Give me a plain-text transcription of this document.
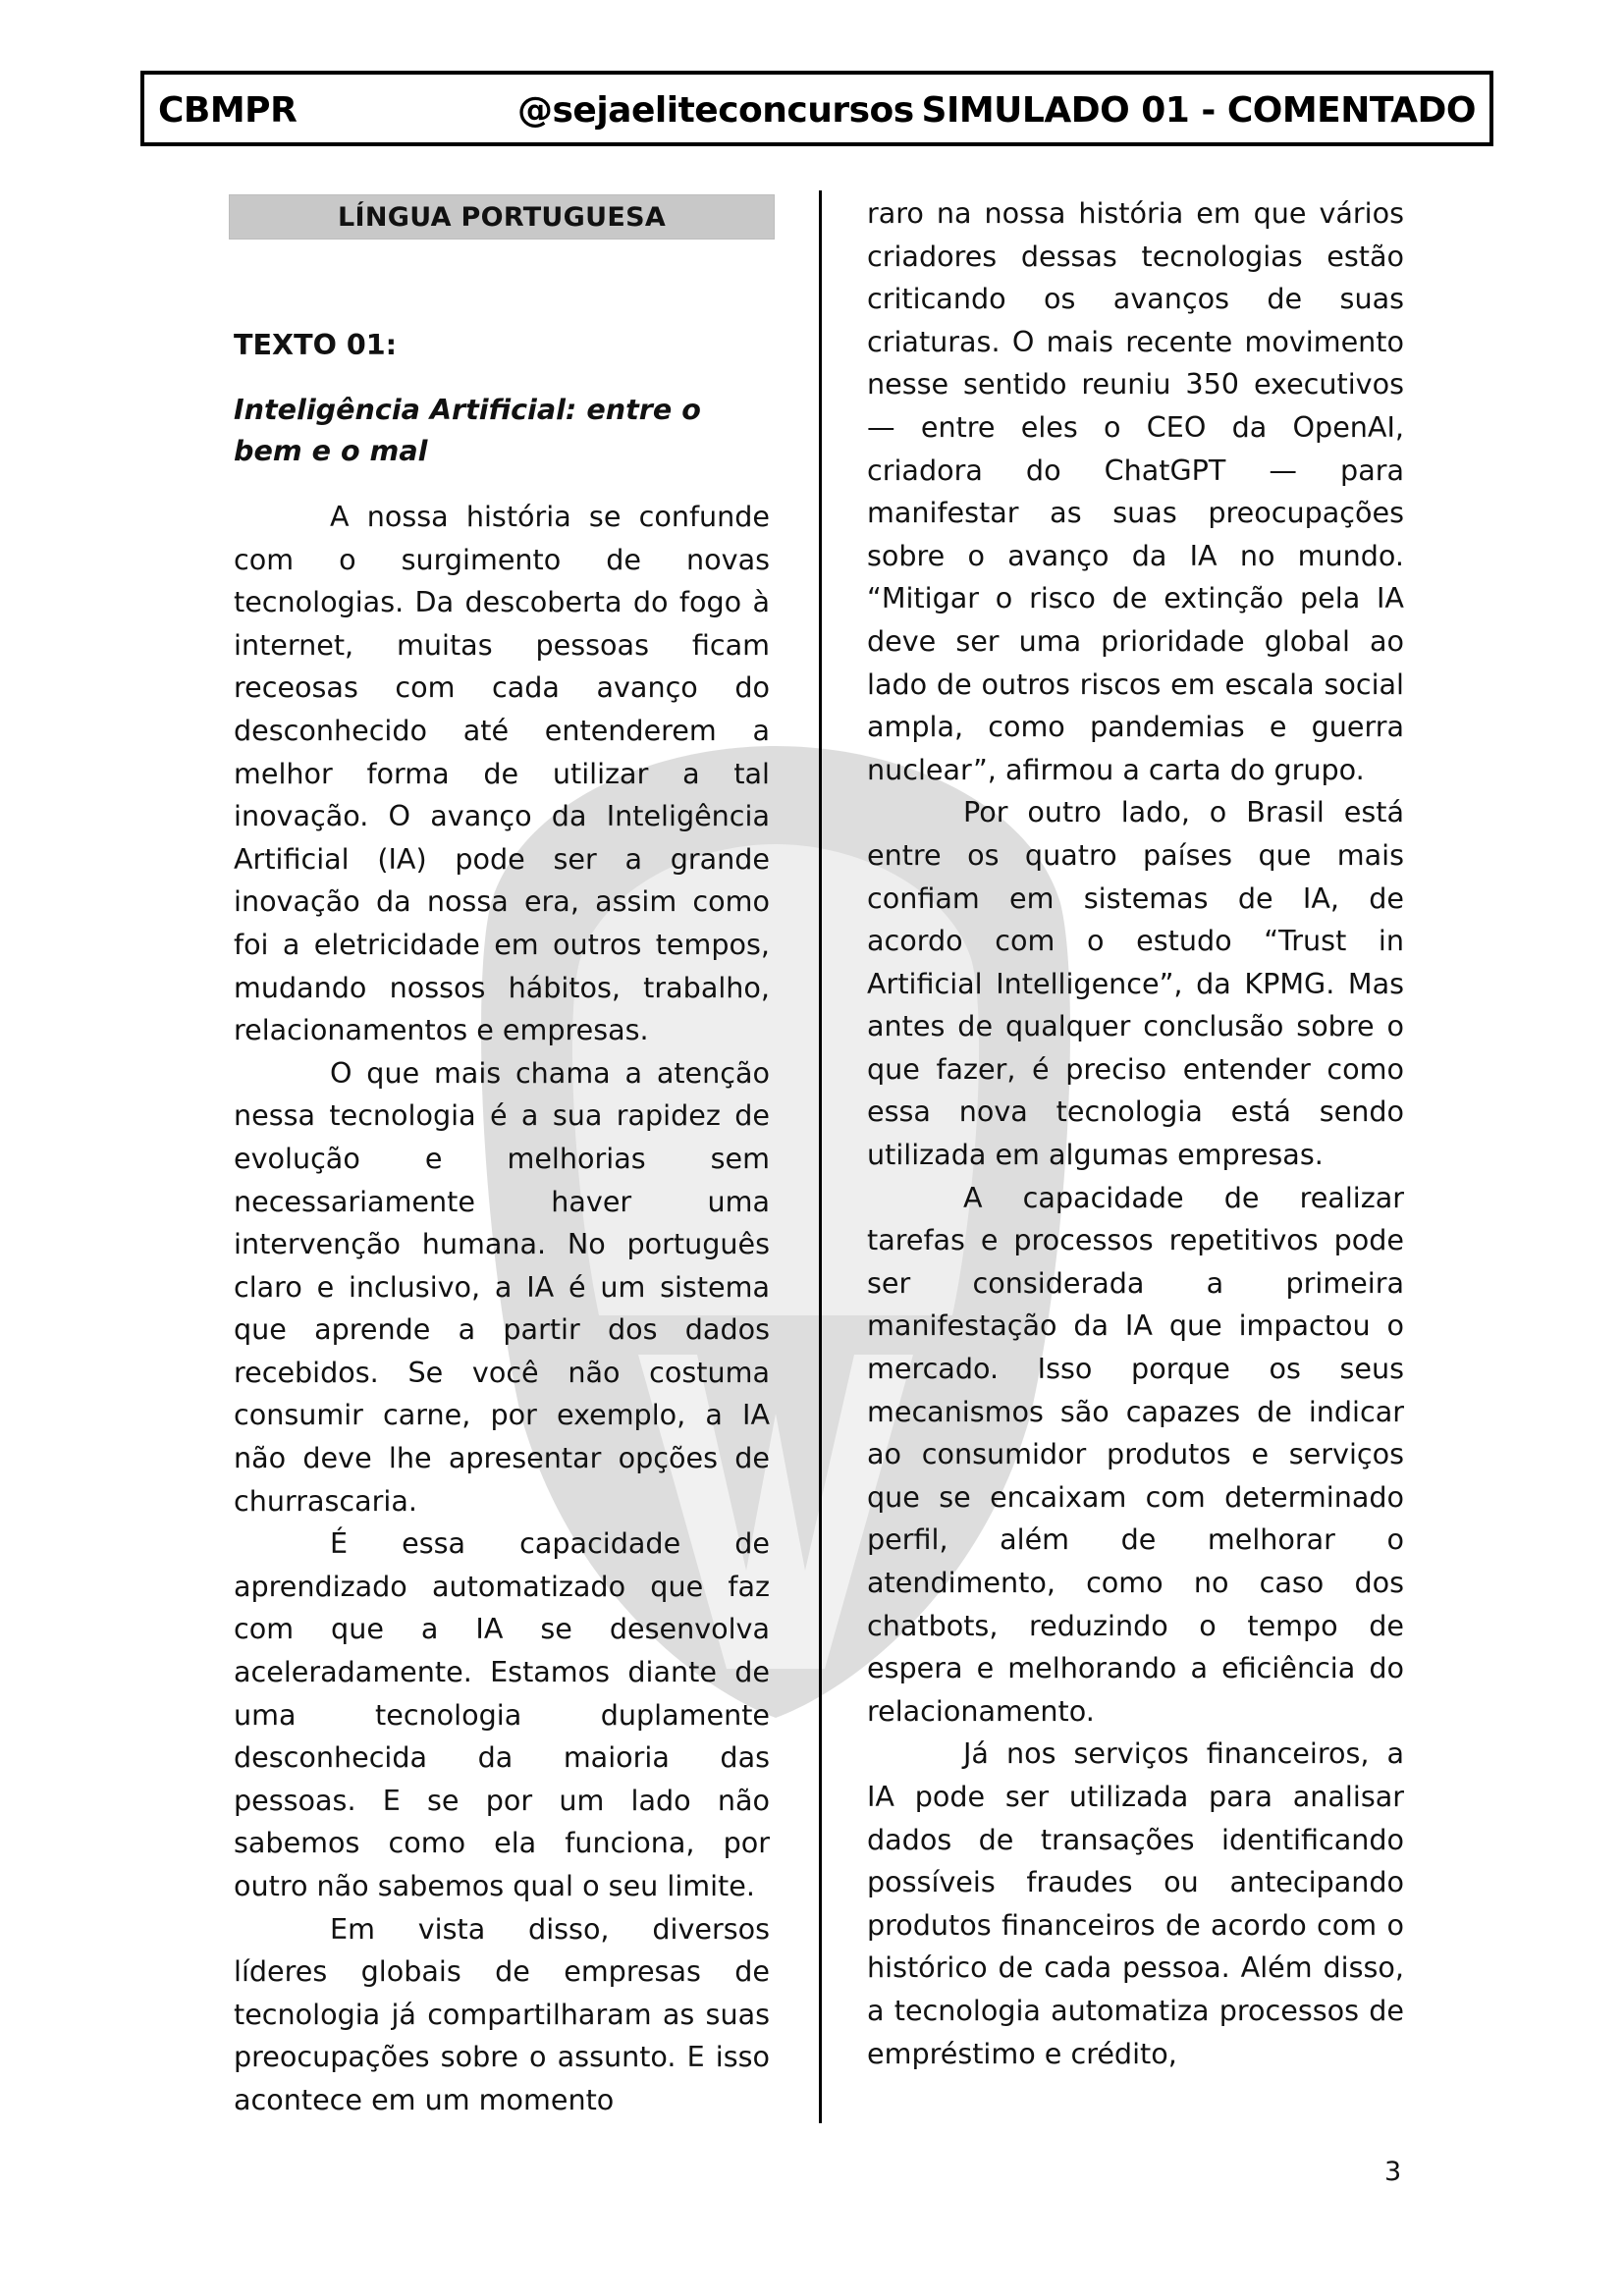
CBMPR	@sejaeliteconcursos SIMULADO 01 - COMENTADO
LÍNGUA PORTUGUESA
TEXTO 01:
Inteligência Artificial: entre o bem e o mal

A nossa história se confunde com o surgimento de novas tecnologias. Da descoberta do fogo à internet, muitas pessoas ficam receosas com cada avanço do desconhecido até entenderem a melhor forma de utilizar a tal inovação. O avanço da Inteligência Artificial (IA) pode ser a grande inovação da nossa era, assim como foi a eletricidade em outros tempos, mudando nossos hábitos, trabalho, relacionamentos e empresas.

O que mais chama a atenção nessa tecnologia é a sua rapidez de evolução e melhorias sem necessariamente haver uma intervenção humana. No português claro e inclusivo, a IA é um sistema que aprende a partir dos dados recebidos. Se você não costuma consumir carne, por exemplo, a IA não deve lhe apresentar opções de churrascaria.

É essa capacidade de aprendizado automatizado que faz com que a IA se desenvolva aceleradamente. Estamos diante de uma tecnologia duplamente desconhecida da maioria das pessoas. E se por um lado não sabemos como ela funciona, por outro não sabemos qual o seu limite.

Em vista disso, diversos líderes globais de empresas de tecnologia já compartilharam as suas preocupações sobre o assunto. E isso acontece em um momento

raro na nossa história em que vários criadores dessas tecnologias estão criticando os avanços de suas criaturas. O mais recente movimento nesse sentido reuniu 350 executivos — entre eles o CEO da OpenAI, criadora do ChatGPT — para manifestar as suas preocupações sobre o avanço da IA no mundo. “Mitigar o risco de extinção pela IA deve ser uma prioridade global ao lado de outros riscos em escala social ampla, como pandemias e guerra nuclear”, afirmou a carta do grupo.

Por outro lado, o Brasil está entre os quatro países que mais confiam em sistemas de IA, de acordo com o estudo “Trust in Artificial Intelligence”, da KPMG. Mas antes de qualquer conclusão sobre o que fazer, é preciso entender como essa nova tecnologia está sendo utilizada em algumas empresas.

A capacidade de realizar tarefas e processos repetitivos pode ser considerada a primeira manifestação da IA que impactou o mercado. Isso porque os seus mecanismos são capazes de indicar ao consumidor produtos e serviços que se encaixam com determinado perfil, além de melhorar o atendimento, como no caso dos chatbots, reduzindo o tempo de espera e melhorando a eficiência do relacionamento.

Já nos serviços financeiros, a IA pode ser utilizada para analisar dados de transações identificando possíveis fraudes ou antecipando produtos financeiros de acordo com o histórico de cada pessoa. Além disso, a tecnologia automatiza processos de empréstimo e crédito,

3
